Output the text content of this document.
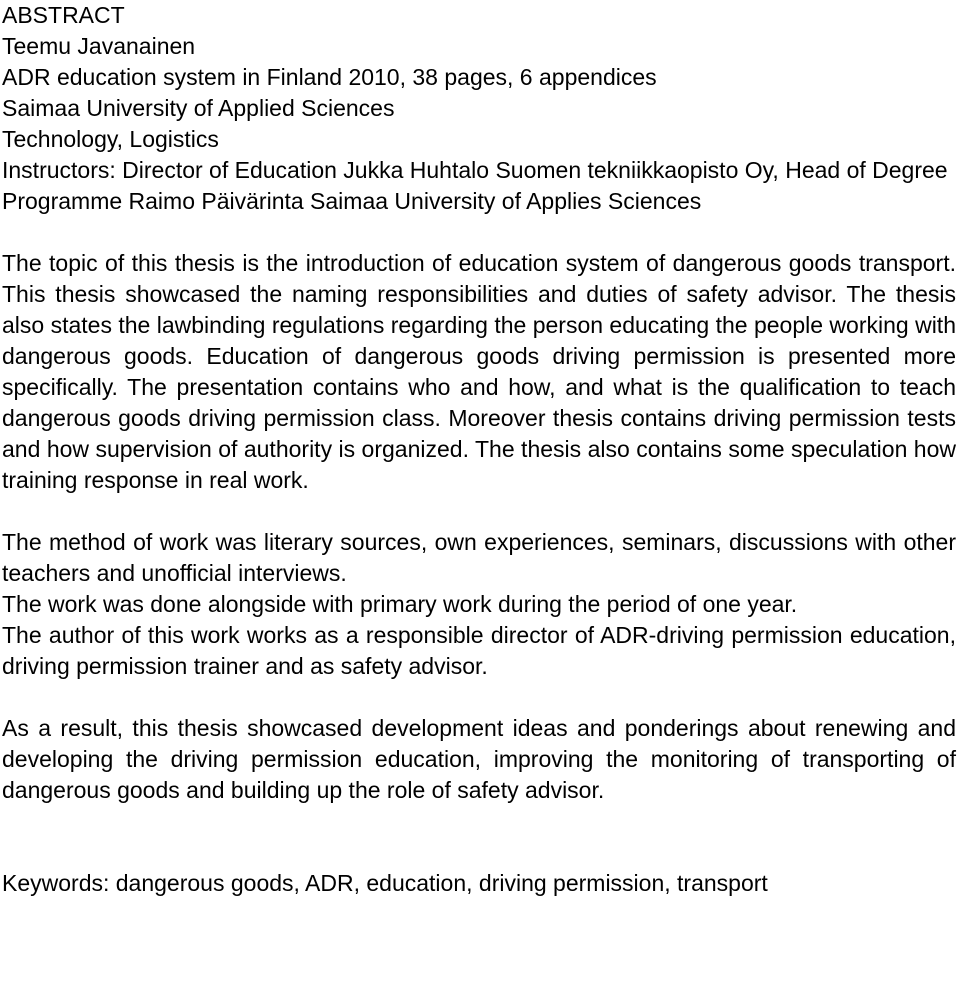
ABSTRACT
Teemu Javanainen
ADR education system in Finland 2010, 38 pages, 6 appendices
Saimaa University of Applied Sciences
Technology, Logistics
Instructors: Director of Education Jukka Huhtalo Suomen tekniikkaopisto Oy, Head of Degree Programme Raimo Päivärinta Saimaa University of Applies Sciences
The topic of this thesis is the introduction of education system of dangerous goods transport. This thesis showcased the naming responsibilities and duties of safety advisor. The thesis also states the lawbinding regulations regarding the person educating the people working with dangerous goods. Education of dangerous goods driving permission is presented more specifically. The presentation contains who and how, and what is the qualification to teach dangerous goods driving permission class. Moreover thesis contains driving permission tests and how supervision of authority is organized. The thesis also contains some speculation how training response in real work.
The method of work was literary sources, own experiences, seminars, discussions with other teachers and unofficial interviews.
The work was done alongside with primary work during the period of one year.
The author of this work works as a responsible director of ADR-driving permission education, driving permission trainer and as safety advisor.
As a result, this thesis showcased development ideas and ponderings about renewing and developing the driving permission education, improving the monitoring of transporting of dangerous goods and building up the role of safety advisor.
Keywords: dangerous goods, ADR, education, driving permission, transport
